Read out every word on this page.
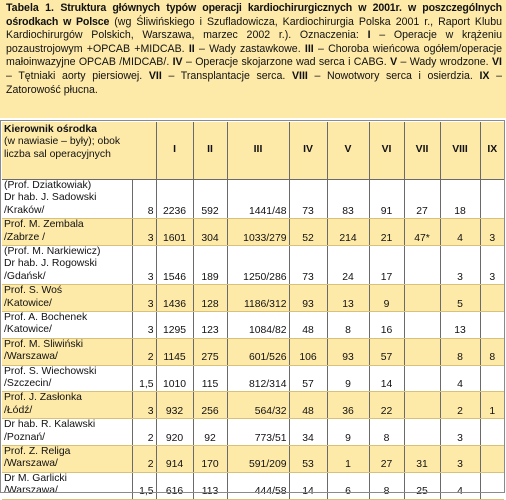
Tabela 1. Struktura głównych typów operacji kardiochirurgicznych w 2001r. w poszczególnych ośrodkach w Polsce (wg Śliwińskiego i Szufladowicza, Kardiochirurgia Polska 2001 r., Raport Klubu Kardiochirurgów Polskich, Warszawa, marzec 2002 r.). Oznaczenia: I – Operacje w krążeniu pozaustrojowym +OPCAB +MIDCAB. II – Wady zastawkowe. III – Choroba wieńcowa ogółem/operacje małoinwazyjne OPCAB /MIDCAB/. IV – Operacje skojarzone wad serca i CABG. V – Wady wrodzone. VI – Tętniaki aorty piersiowej. VII – Transplantacje serca. VIII – Nowotwory serca i osierdzia. IX – Zatorowość płucna.
Kierownik ośrodka
(w nawiasie – były); obok
liczba sal operacyjnych		I	II	III	IV	V	VI	VII	VIII	IX

(Prof. Dziatkowiak)
Dr hab. J. Sadowski
/Kraków/	8	2236	592	1441/48	73	83	91	27	18	

Prof. M. Zembala
/Zabrze /	3	1601	304	1033/279	52	214	21	47*	4	3

(Prof. M. Narkiewicz)
Dr hab. J. Rogowski
/Gdańsk/	3	1546	189	1250/286	73	24	17		3	3

Prof. S. Woś
/Katowice/	3	1436	128	1186/312	93	13	9		5	

Prof. A. Bochenek
/Katowice/	3	1295	123	1084/82	48	8	16		13	

Prof. M. Śliwiński
/Warszawa/	2	1145	275	601/526	106	93	57		8	8

Prof. S. Wiechowski
/Szczecin/	1,5	1010	115	812/314	57	9	14		4	

Prof. J. Zasłonka
/Łódź/	3	932	256	564/32	48	36	22		2	1

Dr hab. R. Kalawski
/Poznań/	2	920	92	773/51	34	9	8		3	

Prof. Z. Religa
/Warszawa/	2	914	170	591/209	53	1	27	31	3	

Dr M. Garlicki
/Warszawa/	1,5	616	113	444/58	14	6	8	25	4	
